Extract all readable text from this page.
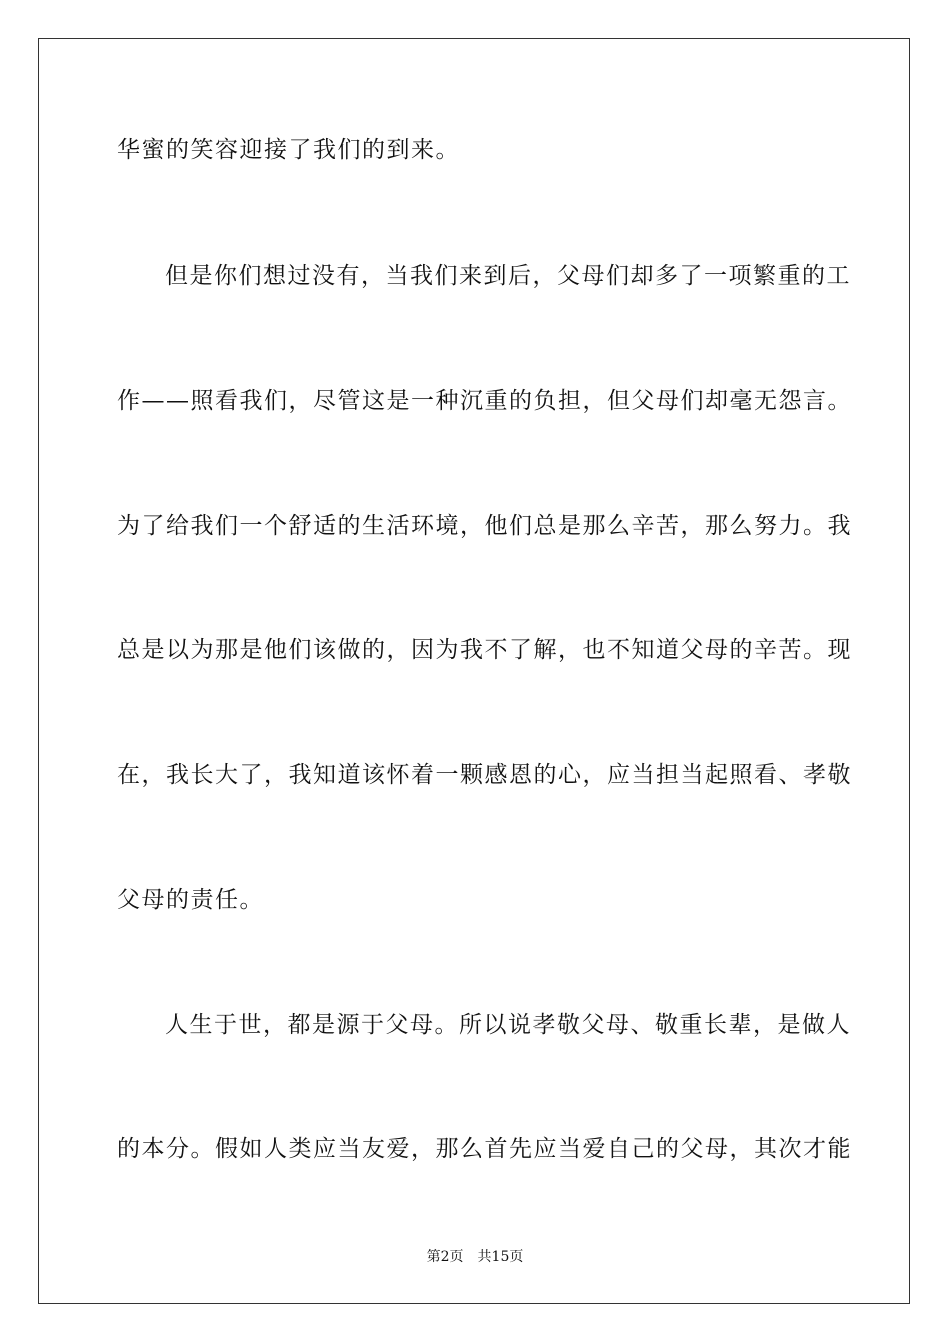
华蜜的笑容迎接了我们的到来。
但是你们想过没有，当我们来到后，父母们却多了一项繁重的工
作——照看我们，尽管这是一种沉重的负担，但父母们却毫无怨言。
为了给我们一个舒适的生活环境，他们总是那么辛苦，那么努力。我
总是以为那是他们该做的，因为我不了解，也不知道父母的辛苦。现
在，我长大了，我知道该怀着一颗感恩的心，应当担当起照看、孝敬
父母的责任。
人生于世，都是源于父母。所以说孝敬父母、敬重长辈，是做人
的本分。假如人类应当友爱，那么首先应当爱自己的父母，其次才能
第2页 共15页
